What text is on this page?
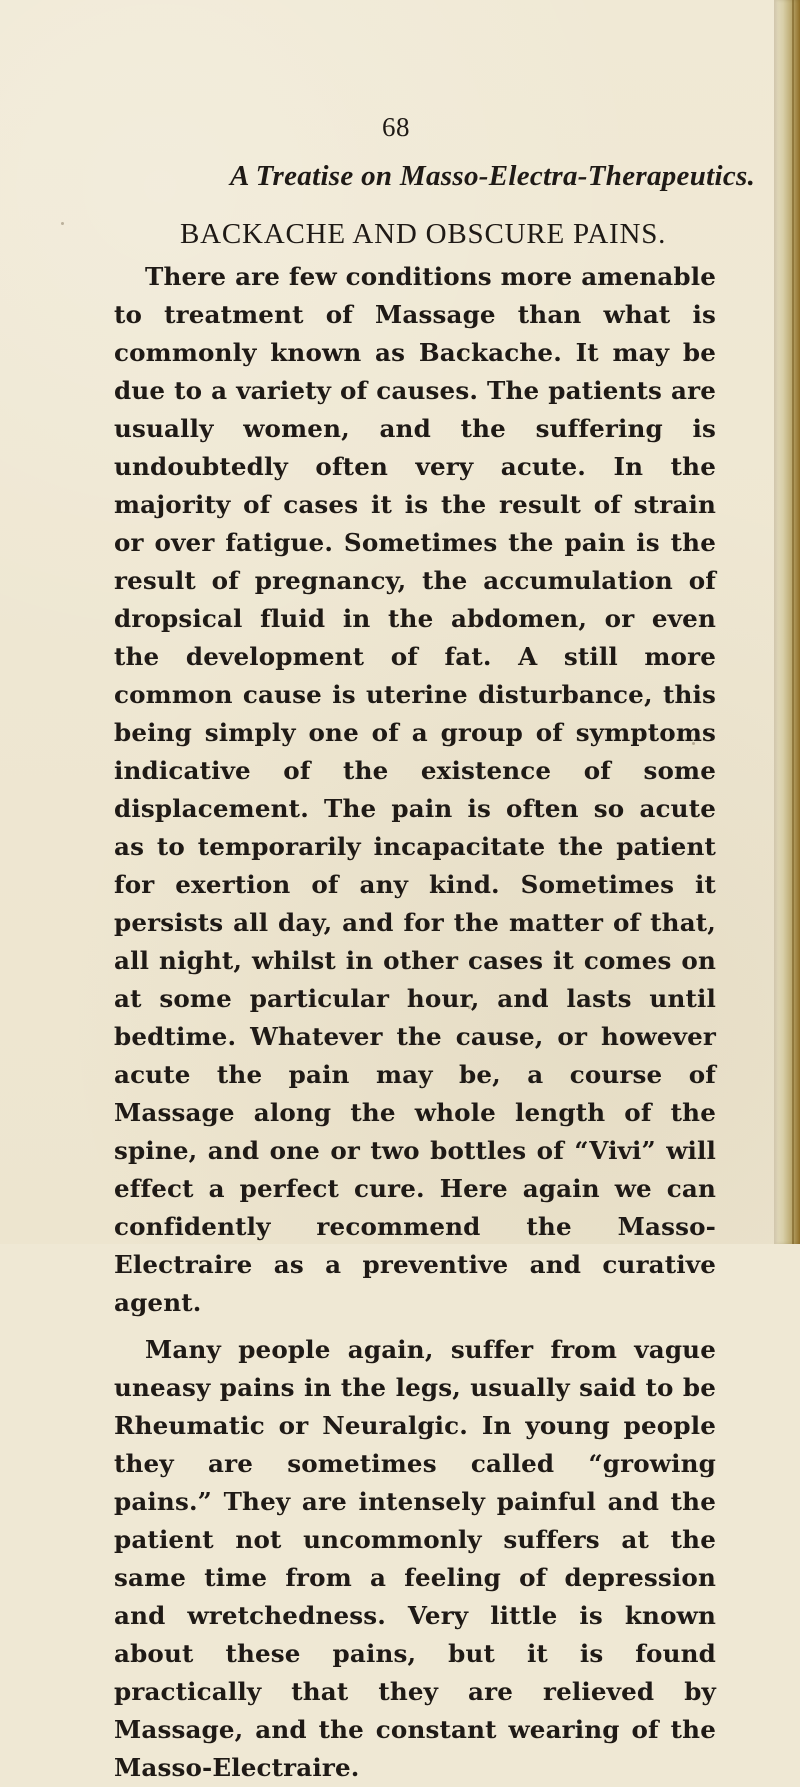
68
A Treatise on Masso-Electra-Therapeutics.
BACKACHE AND OBSCURE PAINS.

There are few conditions more amenable to treatment of Massage than what is commonly known as Backache. It may be due to a variety of causes. The patients are usually women, and the suffering is undoubtedly often very acute. In the majority of cases it is the result of strain or over fatigue. Sometimes the pain is the result of pregnancy, the accumulation of dropsical fluid in the abdomen, or even the development of fat. A still more common cause is uterine disturbance, this being simply one of a group of symptoms indicative of the existence of some displacement. The pain is often so acute as to temporarily incapacitate the patient for exertion of any kind. Sometimes it persists all day, and for the matter of that, all night, whilst in other cases it comes on at some particular hour, and lasts until bedtime. Whatever the cause, or however acute the pain may be, a course of Massage along the whole length of the spine, and one or two bottles of “Vivi” will effect a perfect cure. Here again we can confidently recommend the Masso-Electraire as a preventive and curative agent.

Many people again, suffer from vague uneasy pains in the legs, usually said to be Rheumatic or Neuralgic. In young people they are sometimes called “growing pains.” They are intensely painful and the patient not uncommonly suffers at the same time from a feeling of depression and wretchedness. Very little is known about these pains, but it is found practically that they are relieved by Massage, and the constant wearing of the Masso-Electraire.
